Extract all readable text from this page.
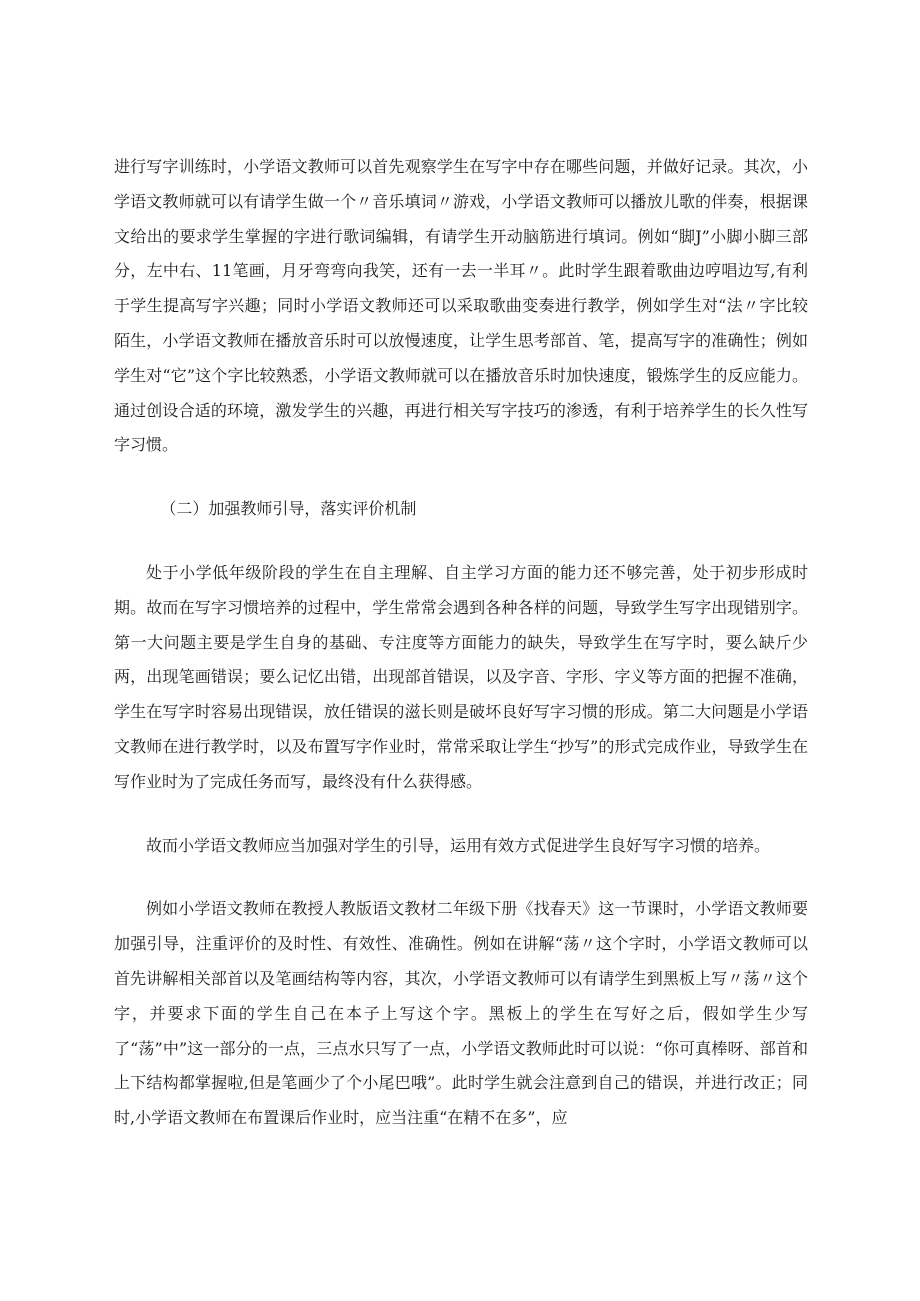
进行写字训练时，小学语文教师可以首先观察学生在写字中存在哪些问题，并做好记录。其次，小学语文教师就可以有请学生做一个〃音乐填词〃游戏，小学语文教师可以播放儿歌的伴奏，根据课文给出的要求学生掌握的字进行歌词编辑，有请学生开动脑筋进行填词。例如“脚J”小脚小脚三部分，左中右、11笔画，月牙弯弯向我笑，还有一去一半耳〃。此时学生跟着歌曲边哼唱边写,有利于学生提高写字兴趣；同时小学语文教师还可以采取歌曲变奏进行教学，例如学生对“法〃字比较陌生，小学语文教师在播放音乐时可以放慢速度，让学生思考部首、笔，提高写字的准确性；例如学生对“它”这个字比较熟悉，小学语文教师就可以在播放音乐时加快速度，锻炼学生的反应能力。通过创设合适的环境，激发学生的兴趣，再进行相关写字技巧的渗透，有利于培养学生的长久性写字习惯。

（二）加强教师引导，落实评价机制

处于小学低年级阶段的学生在自主理解、自主学习方面的能力还不够完善，处于初步形成时期。故而在写字习惯培养的过程中，学生常常会遇到各种各样的问题，导致学生写字出现错别字。第一大问题主要是学生自身的基础、专注度等方面能力的缺失，导致学生在写字时，要么缺斤少两，出现笔画错误；要么记忆出错，出现部首错误，以及字音、字形、字义等方面的把握不准确，学生在写字时容易出现错误，放任错误的滋长则是破坏良好写字习惯的形成。第二大问题是小学语文教师在进行教学时，以及布置写字作业时，常常采取让学生“抄写”的形式完成作业，导致学生在写作业时为了完成任务而写，最终没有什么获得感。

故而小学语文教师应当加强对学生的引导，运用有效方式促进学生良好写字习惯的培养。

例如小学语文教师在教授人教版语文教材二年级下册《找春天》这一节课时，小学语文教师要加强引导，注重评价的及时性、有效性、准确性。例如在讲解“荡〃这个字时，小学语文教师可以首先讲解相关部首以及笔画结构等内容，其次，小学语文教师可以有请学生到黑板上写〃荡〃这个字，并要求下面的学生自己在本子上写这个字。黑板上的学生在写好之后，假如学生少写了“荡”中”这一部分的一点，三点水只写了一点，小学语文教师此时可以说：“你可真棒呀、部首和上下结构都掌握啦,但是笔画少了个小尾巴哦”。此时学生就会注意到自己的错误，并进行改正；同时,小学语文教师在布置课后作业时，应当注重“在精不在多”，应
